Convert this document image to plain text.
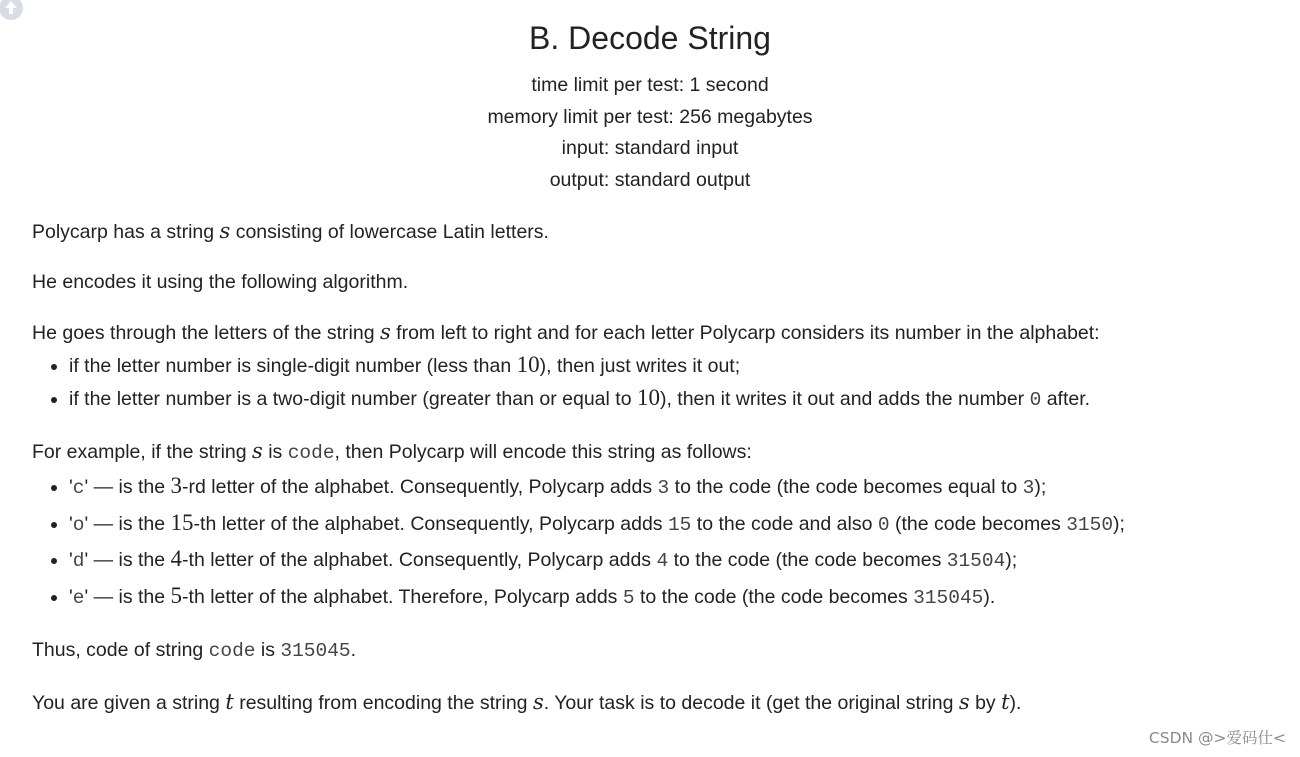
B. Decode String
time limit per test: 1 second
memory limit per test: 256 megabytes
input: standard input
output: standard output

Polycarp has a string s consisting of lowercase Latin letters.

He encodes it using the following algorithm.

He goes through the letters of the string s from left to right and for each letter Polycarp considers its number in the alphabet:

• if the letter number is single-digit number (less than 10), then just writes it out;
• if the letter number is a two-digit number (greater than or equal to 10), then it writes it out and adds the number 0 after.

For example, if the string s is code, then Polycarp will encode this string as follows:

• 'c' — is the 3-rd letter of the alphabet. Consequently, Polycarp adds 3 to the code (the code becomes equal to 3);
• 'o' — is the 15-th letter of the alphabet. Consequently, Polycarp adds 15 to the code and also 0 (the code becomes 3150);
• 'd' — is the 4-th letter of the alphabet. Consequently, Polycarp adds 4 to the code (the code becomes 31504);
• 'e' — is the 5-th letter of the alphabet. Therefore, Polycarp adds 5 to the code (the code becomes 315045).

Thus, code of string code is 315045.

You are given a string t resulting from encoding the string s. Your task is to decode it (get the original string s by t).

CSDN @>爱码仕<
